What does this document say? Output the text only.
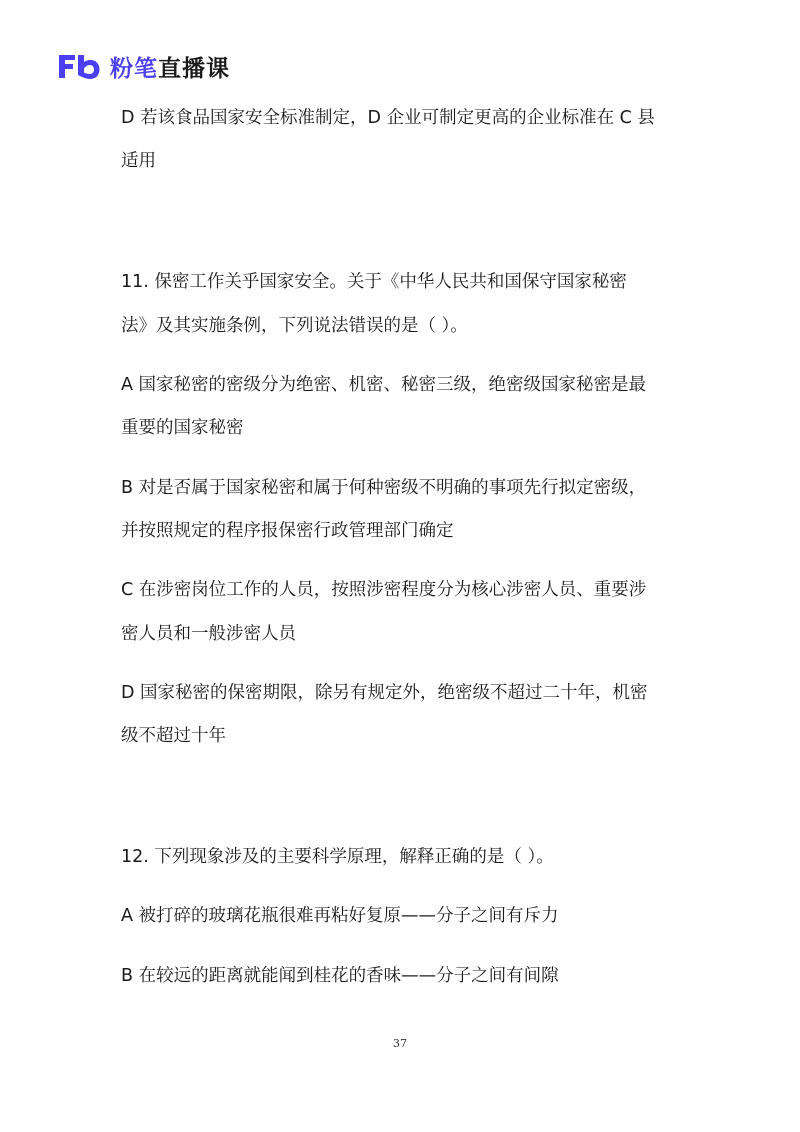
粉笔直播课
D 若该食品国家安全标准制定，D 企业可制定更高的企业标准在 C 县
适用
11. 保密工作关乎国家安全。关于《中华人民共和国保守国家秘密
法》及其实施条例，下列说法错误的是（ ）。
A 国家秘密的密级分为绝密、机密、秘密三级，绝密级国家秘密是最
重要的国家秘密
B 对是否属于国家秘密和属于何种密级不明确的事项先行拟定密级，
并按照规定的程序报保密行政管理部门确定
C 在涉密岗位工作的人员，按照涉密程度分为核心涉密人员、重要涉
密人员和一般涉密人员
D 国家秘密的保密期限，除另有规定外，绝密级不超过二十年，机密
级不超过十年
12. 下列现象涉及的主要科学原理，解释正确的是（ ）。
A 被打碎的玻璃花瓶很难再粘好复原——分子之间有斥力
B 在较远的距离就能闻到桂花的香味——分子之间有间隙
37
